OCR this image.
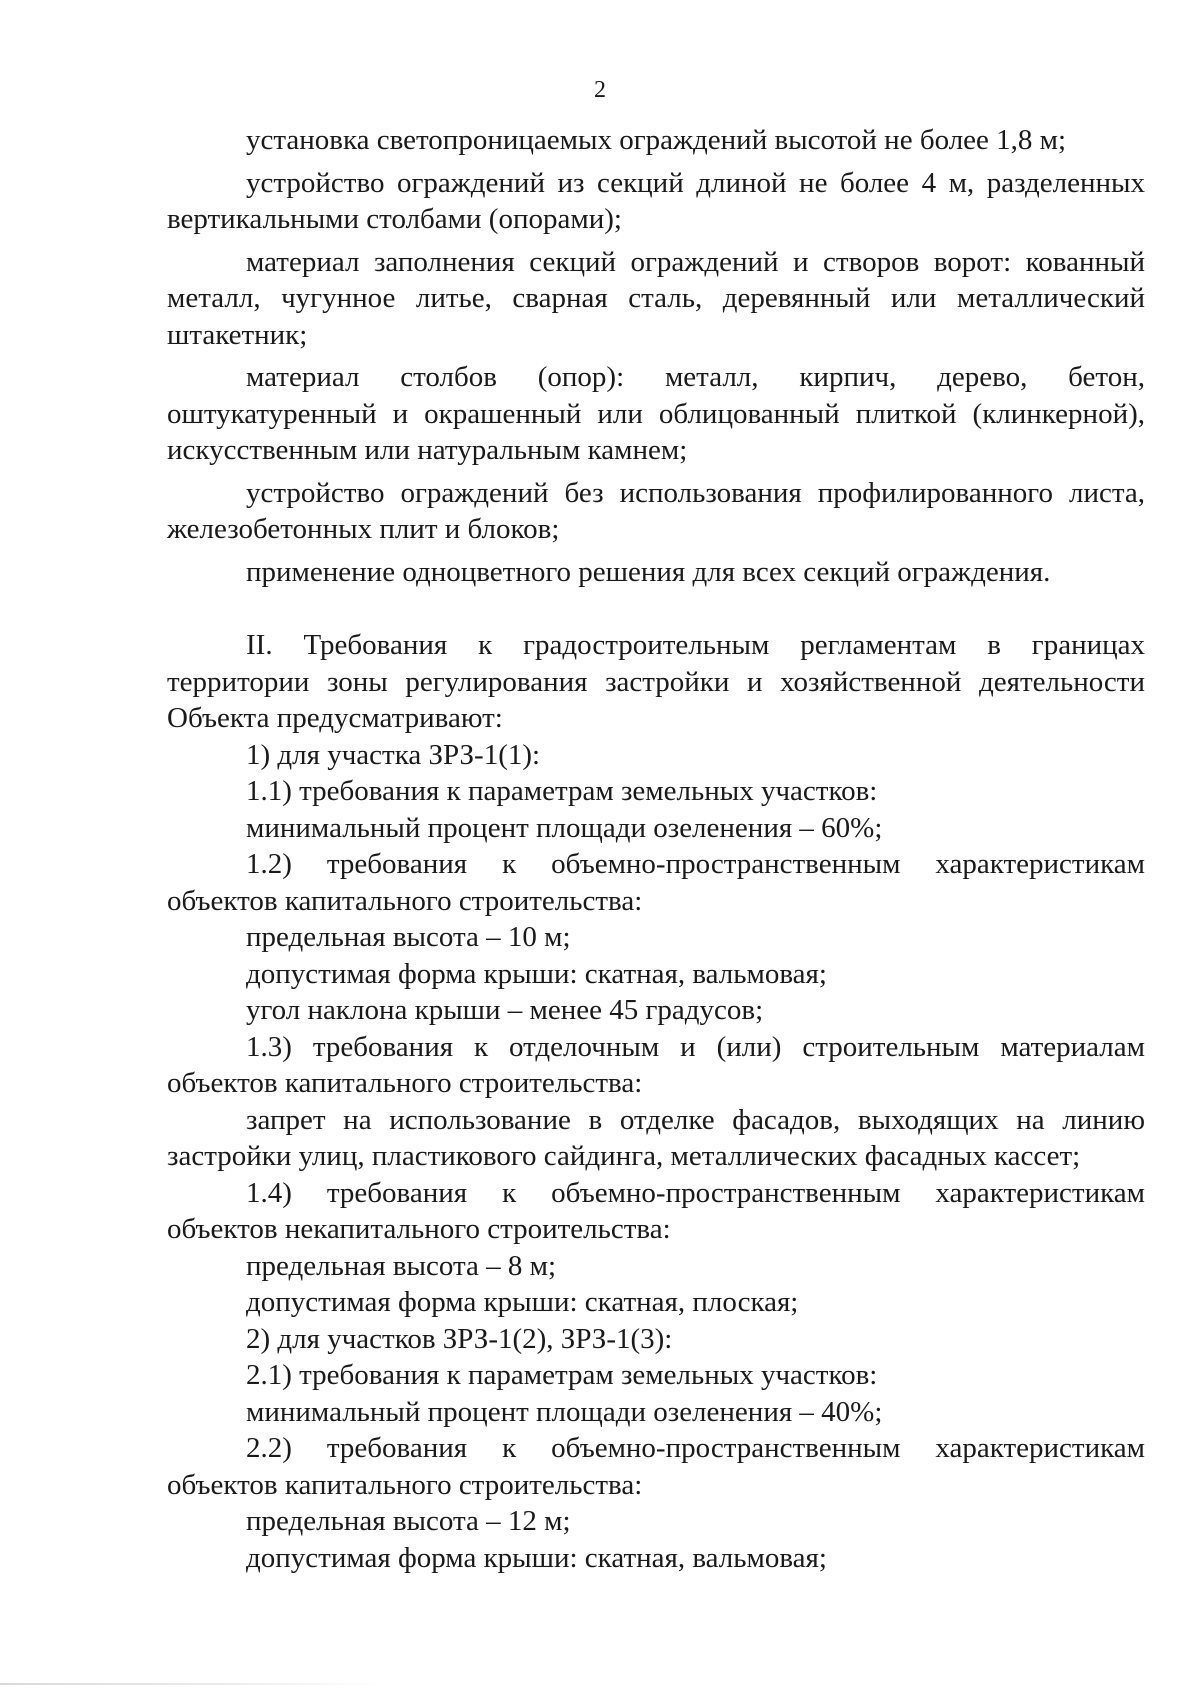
2

установка светопроницаемых ограждений высотой не более 1,8 м;

устройство ограждений из секций длиной не более 4 м, разделенных вертикальными столбами (опорами);

материал заполнения секций ограждений и створов ворот: кованный металл, чугунное литье, сварная сталь, деревянный или металлический штакетник;

материал столбов (опор): металл, кирпич, дерево, бетон, оштукатуренный и окрашенный или облицованный плиткой (клинкерной), искусственным или натуральным камнем;

устройство ограждений без использования профилированного листа, железобетонных плит и блоков;

применение одноцветного решения для всех секций ограждения.

II. Требования к градостроительным регламентам в границах территории зоны регулирования застройки и хозяйственной деятельности Объекта предусматривают:

1) для участка ЗРЗ-1(1):

1.1) требования к параметрам земельных участков:

минимальный процент площади озеленения – 60%;

1.2) требования к объемно-пространственным характеристикам объектов капитального строительства:

предельная высота – 10 м;

допустимая форма крыши: скатная, вальмовая;

угол наклона крыши – менее 45 градусов;

1.3) требования к отделочным и (или) строительным материалам объектов капитального строительства:

запрет на использование в отделке фасадов, выходящих на линию застройки улиц, пластикового сайдинга, металлических фасадных кассет;

1.4) требования к объемно-пространственным характеристикам объектов некапитального строительства:

предельная высота – 8 м;

допустимая форма крыши: скатная, плоская;

2) для участков ЗРЗ-1(2), ЗРЗ-1(3):

2.1) требования к параметрам земельных участков:

минимальный процент площади озеленения – 40%;

2.2) требования к объемно-пространственным характеристикам объектов капитального строительства:

предельная высота – 12 м;

допустимая форма крыши: скатная, вальмовая;
